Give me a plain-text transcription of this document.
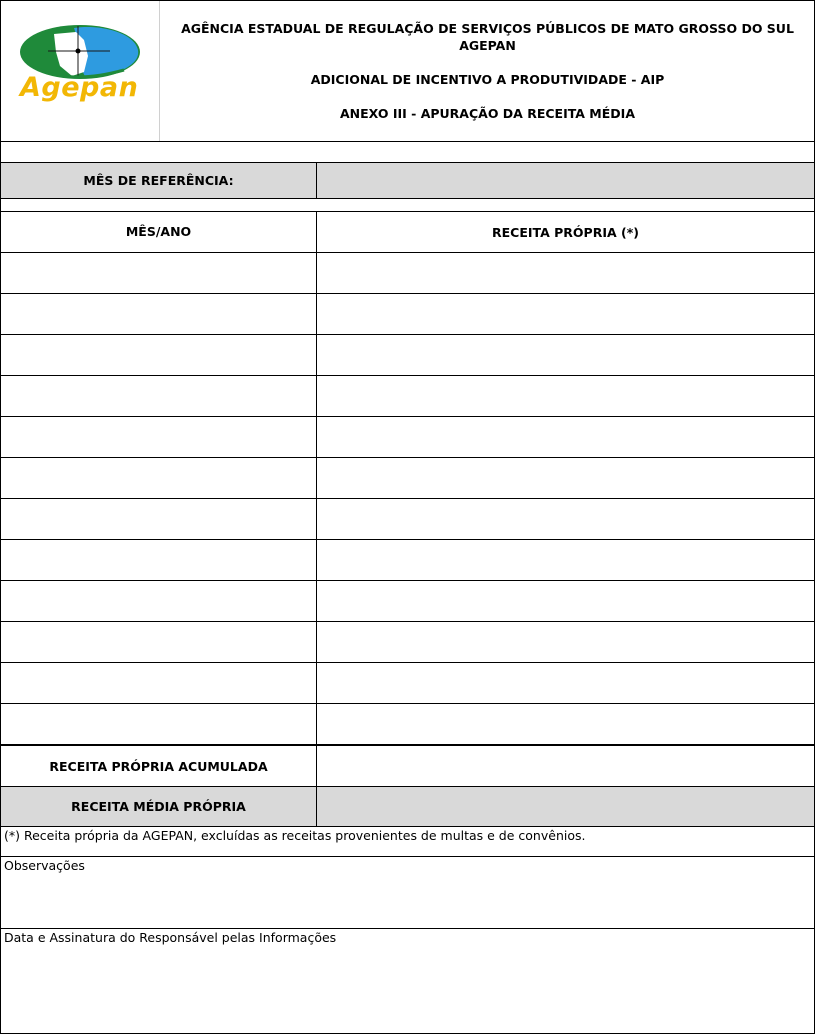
Agepan
AGÊNCIA ESTADUAL DE REGULAÇÃO DE SERVIÇOS PÚBLICOS DE MATO GROSSO DO SUL
AGEPAN
ADICIONAL DE INCENTIVO A PRODUTIVIDADE - AIP
ANEXO III - APURAÇÃO DA RECEITA MÉDIA
MÊS DE REFERÊNCIA:
MÊS/ANO	RECEITA PRÓPRIA (*)
RECEITA PRÓPRIA ACUMULADA
RECEITA MÉDIA PRÓPRIA
(*) Receita própria da AGEPAN, excluídas as receitas provenientes de multas e de convênios.
Observações
Data e Assinatura do Responsável pelas Informações
